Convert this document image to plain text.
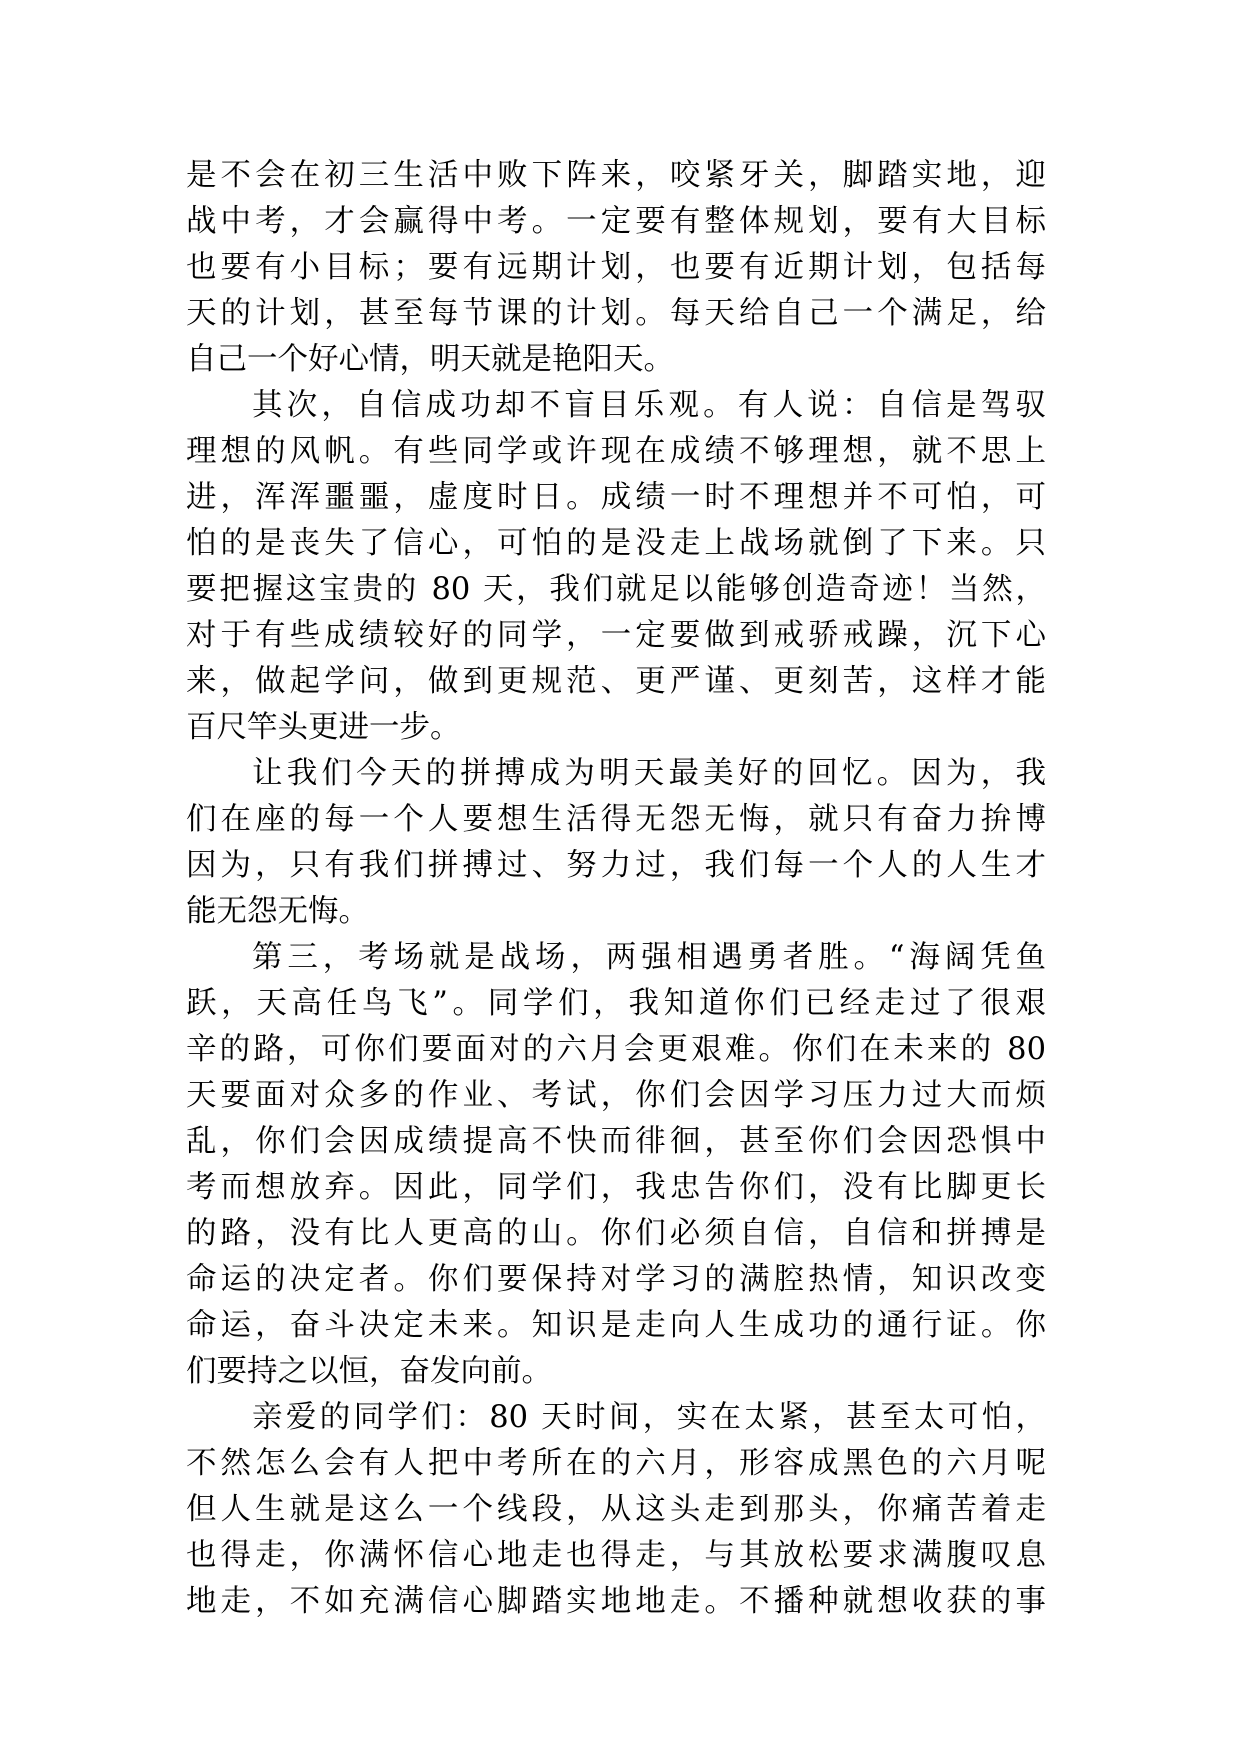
是不会在初三生活中败下阵来，咬紧牙关，脚踏实地，迎
战中考，才会赢得中考。一定要有整体规划，要有大目标
也要有小目标；要有远期计划，也要有近期计划，包括每
天的计划，甚至每节课的计划。每天给自己一个满足，给
自己一个好心情，明天就是艳阳天。
其次，自信成功却不盲目乐观。有人说：自信是驾驭
理想的风帆。有些同学或许现在成绩不够理想，就不思上
进，浑浑噩噩，虚度时日。成绩一时不理想并不可怕，可
怕的是丧失了信心，可怕的是没走上战场就倒了下来。只
要把握这宝贵的 80 天，我们就足以能够创造奇迹！当然，
对于有些成绩较好的同学，一定要做到戒骄戒躁，沉下心
来，做起学问，做到更规范、更严谨、更刻苦，这样才能
百尺竿头更进一步。
让我们今天的拼搏成为明天最美好的回忆。因为，我
们在座的每一个人要想生活得无怨无悔，就只有奋力拚博
因为，只有我们拼搏过、努力过，我们每一个人的人生才
能无怨无悔。
第三，考场就是战场，两强相遇勇者胜。“海阔凭鱼
跃，天高任鸟飞”。同学们，我知道你们已经走过了很艰
辛的路，可你们要面对的六月会更艰难。你们在未来的 80
天要面对众多的作业、考试，你们会因学习压力过大而烦
乱，你们会因成绩提高不快而徘徊，甚至你们会因恐惧中
考而想放弃。因此，同学们，我忠告你们，没有比脚更长
的路，没有比人更高的山。你们必须自信，自信和拼搏是
命运的决定者。你们要保持对学习的满腔热情，知识改变
命运，奋斗决定未来。知识是走向人生成功的通行证。你
们要持之以恒，奋发向前。
亲爱的同学们：80 天时间，实在太紧，甚至太可怕，
不然怎么会有人把中考所在的六月，形容成黑色的六月呢
但人生就是这么一个线段，从这头走到那头，你痛苦着走
也得走，你满怀信心地走也得走，与其放松要求满腹叹息
地走，不如充满信心脚踏实地地走。不播种就想收获的事
